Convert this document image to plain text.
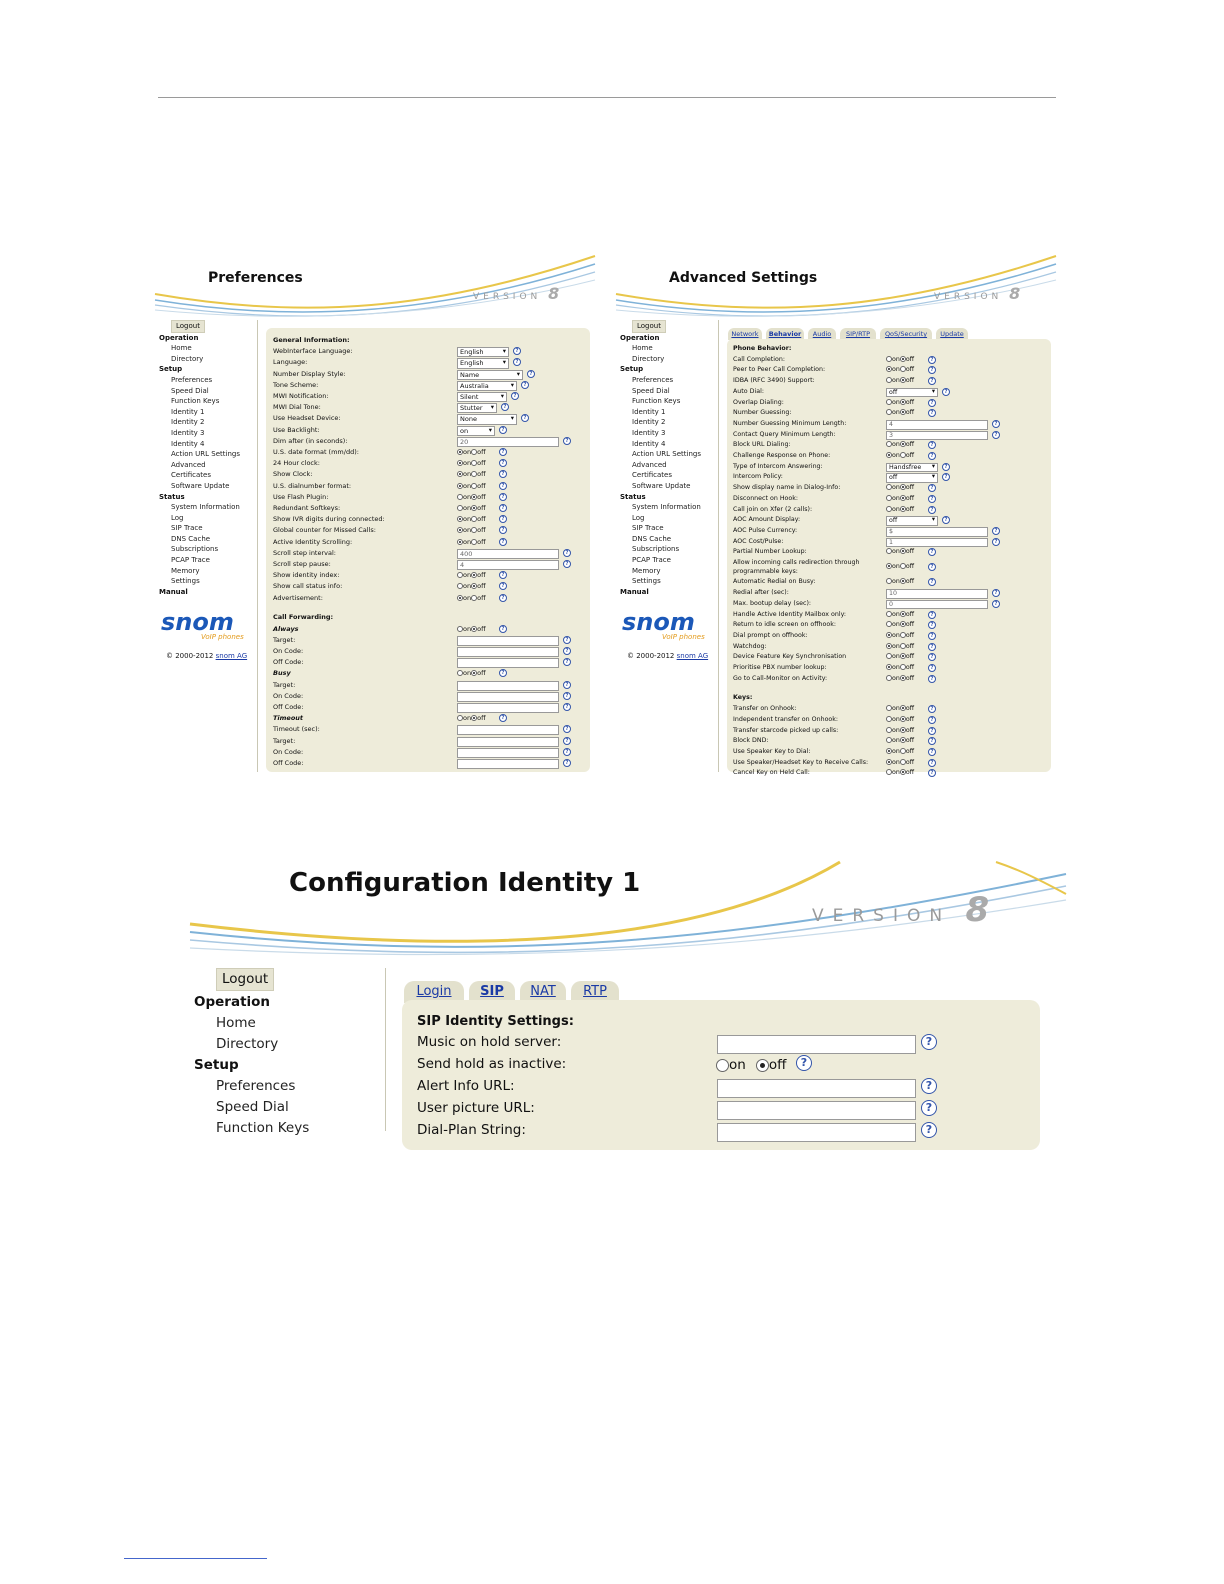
Preferences
VERSION 8
Logout
Operation
Home
Directory
Setup
Preferences
Speed Dial
Function Keys
Identity 1
Identity 2
Identity 3
Identity 4
Action URL Settings
Advanced
Certificates
Software Update
Status
System Information
Log
SIP Trace
DNS Cache
Subscriptions
PCAP Trace
Memory
Settings
Manual
snom
VoIP phones
© 2000-2012 snom AG
General Information:
WebInterface Language:	English ▾	?
Language:	English ▾	?
Number Display Style:	Name ▾	?
Tone Scheme:	Australia ▾	?
MWI Notification:	Silent ▾	?
MWI Dial Tone:	Stutter ▾	?
Use Headset Device:	None ▾	?
Use Backlight:	on ▾	?
Dim after (in seconds):	20	?
U.S. date format (mm/dd):	on off	?
24 Hour clock:	on off	?
Show Clock:	on off	?
U.S. dialnumber format:	on off	?
Use Flash Plugin:	on off	?
Redundant Softkeys:	on off	?
Show IVR digits during connected:	on off	?
Global counter for Missed Calls:	on off	?
Active Identity Scrolling:	on off	?
Scroll step interval:	400	?
Scroll step pause:	4	?
Show identity index:	on off	?
Show call status info:	on off	?
Advertisement:	on off	?
Call Forwarding:
Always	on off	?
Target:	?
On Code:	?
Off Code:	?
Busy	on off	?
Target:	?
On Code:	?
Off Code:	?
Timeout	on off	?
Timeout (sec):	?
Target:	?
On Code:	?
Off Code:	?
Advanced Settings
VERSION 8
Logout
Operation
Home
Directory
Setup
Preferences
Speed Dial
Function Keys
Identity 1
Identity 2
Identity 3
Identity 4
Action URL Settings
Advanced
Certificates
Software Update
Status
System Information
Log
SIP Trace
DNS Cache
Subscriptions
PCAP Trace
Memory
Settings
Manual
snom
VoIP phones
© 2000-2012 snom AG
Network	Behavior	Audio	SIP/RTP	QoS/Security	Update
Phone Behavior:
Call Completion:	on off	?
Peer to Peer Call Completion:	on off	?
IDBA (RFC 3490) Support:	on off	?
Auto Dial:	off ▾	?
Overlap Dialing:	on off	?
Number Guessing:	on off	?
Number Guessing Minimum Length:	4	?
Contact Query Minimum Length:	3	?
Block URL Dialing:	on off	?
Challenge Response on Phone:	on off	?
Type of Intercom Answering:	Handsfree ▾	?
Intercom Policy:	off ▾	?
Show display name in Dialog-Info:	on off	?
Disconnect on Hook:	on off	?
Call join on Xfer (2 calls):	on off	?
AOC Amount Display:	off ▾	?
AOC Pulse Currency:	$	?
AOC Cost/Pulse:	1	?
Partial Number Lookup:	on off	?
Allow incoming calls redirection through
programmable keys:
on off	?
Automatic Redial on Busy:	on off	?
Redial after (sec):	10	?
Max. bootup delay (sec):	0	?
Handle Active Identity Mailbox only:	on off	?
Return to idle screen on offhook:	on off	?
Dial prompt on offhook:	on off	?
Watchdog:	on off	?
Device Feature Key Synchronisation	on off	?
Prioritise PBX number lookup:	on off	?
Go to Call-Monitor on Activity:	on off	?
Keys:
Transfer on Onhook:	on off	?
Independent transfer on Onhook:	on off	?
Transfer starcode picked up calls:	on off	?
Block DND:	on off	?
Use Speaker Key to Dial:	on off	?
Use Speaker/Headset Key to Receive Calls:	on off	?
Cancel Key on Held Call:	on off	?
Configuration Identity 1
VERSION 8
Logout
Operation
Home
Directory
Setup
Preferences
Speed Dial
Function Keys
Login	SIP	NAT	RTP
SIP Identity Settings:
Music on hold server:	?
Send hold as inactive:	on off	?
Alert Info URL:	?
User picture URL:	?
Dial-Plan String:	?
